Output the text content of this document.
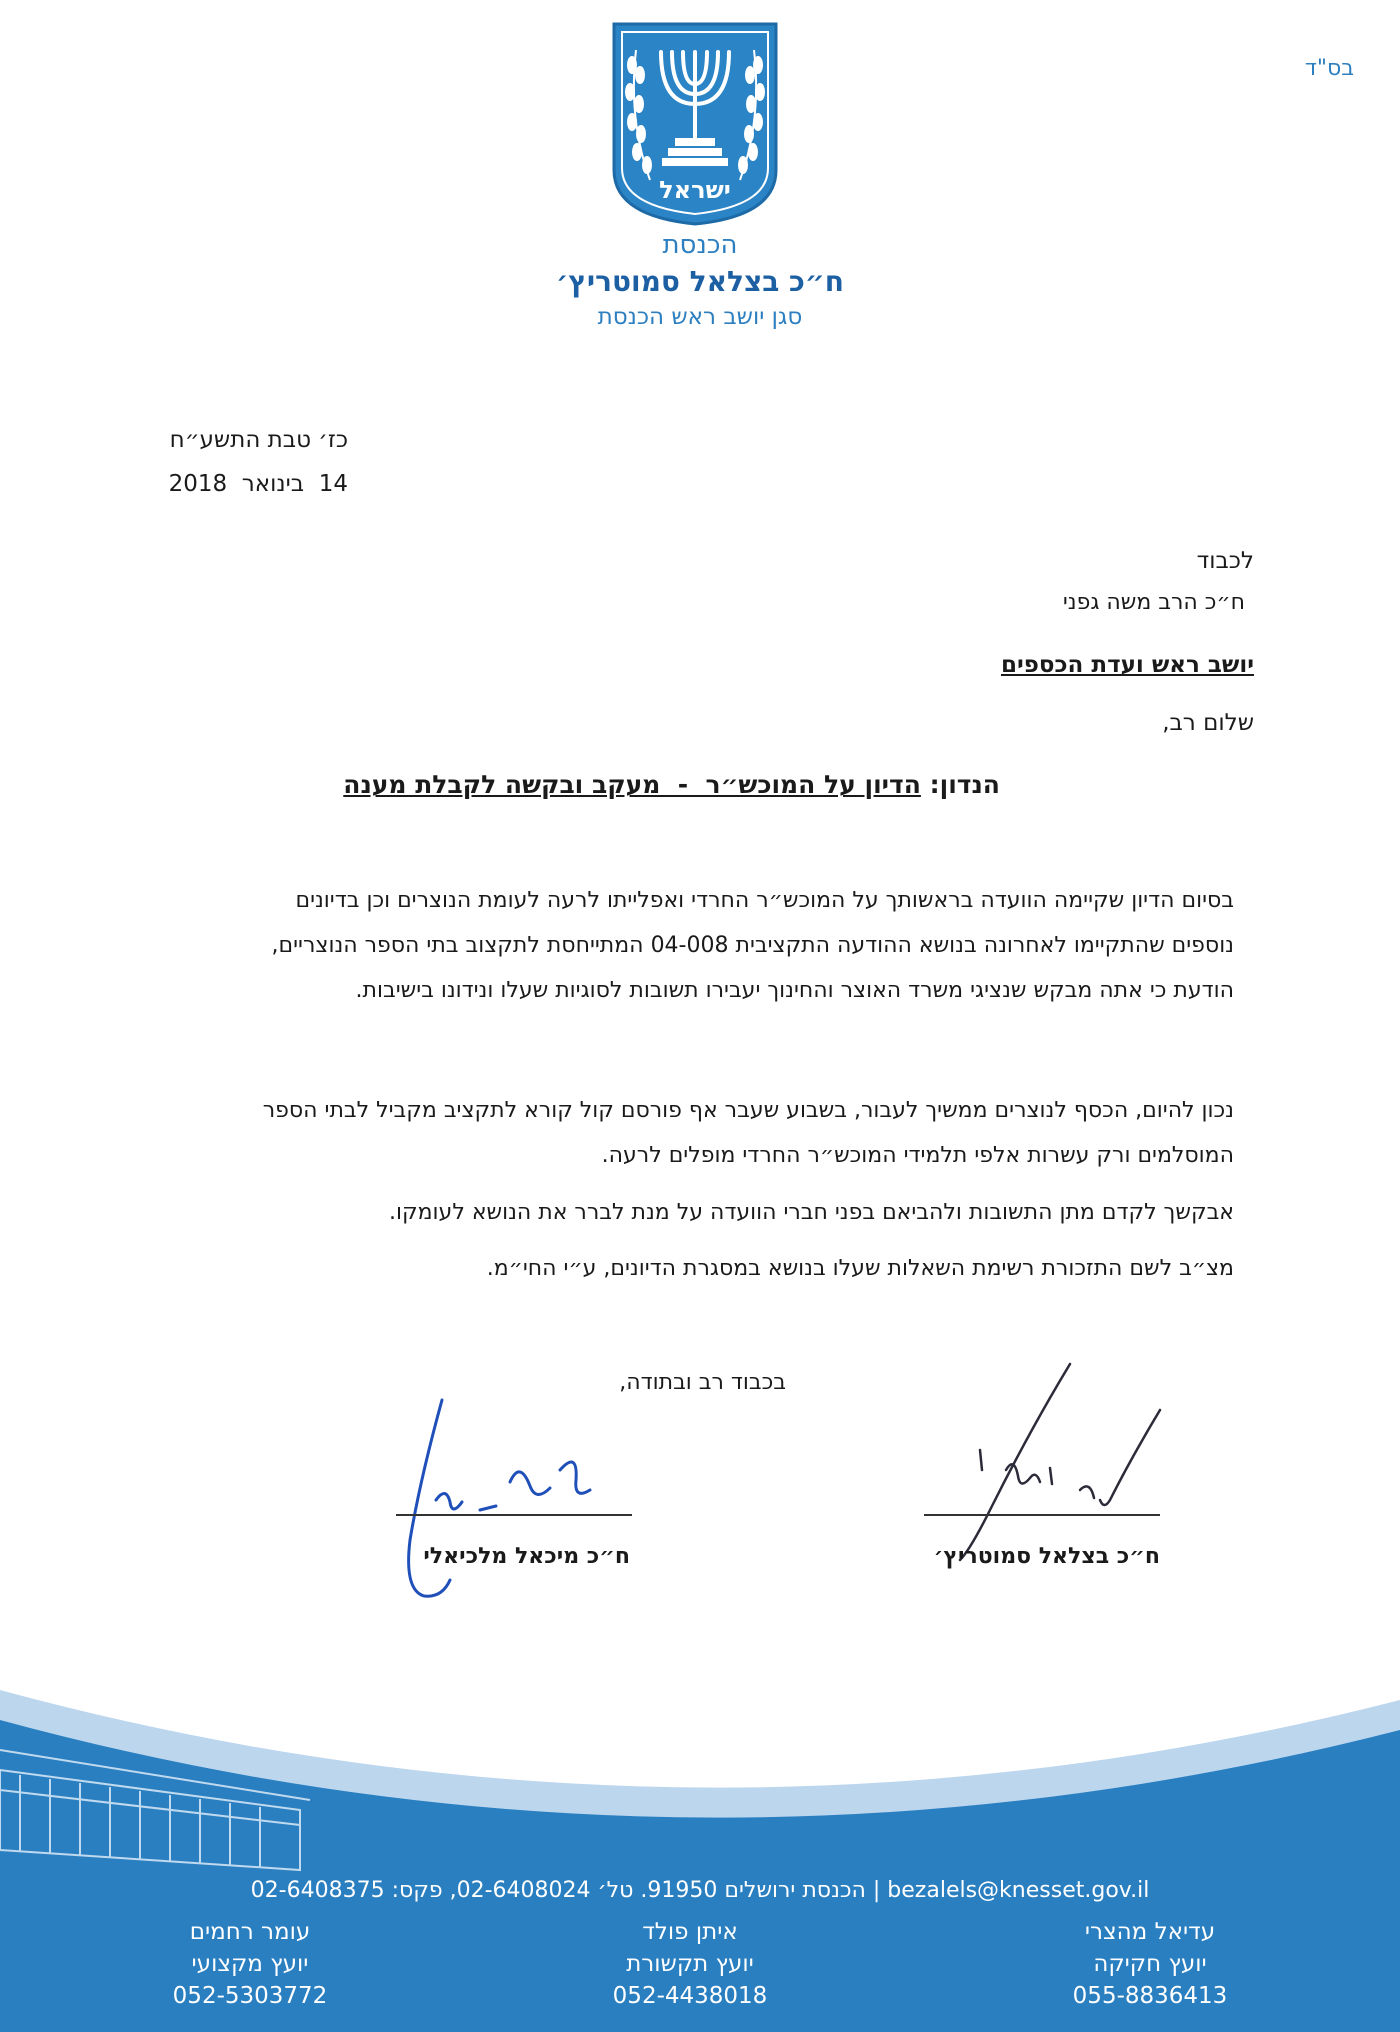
בס"ד
ישראל
הכנסת
ח״כ בצלאל סמוטריץ׳
סגן יושב ראש הכנסת
כז׳ טבת התשע״ח
14  בינואר  2018
לכבוד
ח״כ הרב משה גפני
יושב ראש ועדת הכספים
שלום רב,
הנדון: הדיון על המוכש״ר  -  מעקב ובקשה לקבלת מענה
בסיום הדיון שקיימה הוועדה בראשותך על המוכש״ר החרדי ואפלייתו לרעה לעומת הנוצרים וכן בדיונים
נוספים שהתקיימו לאחרונה בנושא ההודעה התקציבית 04-008 המתייחסת לתקצוב בתי הספר הנוצריים,
הודעת כי אתה מבקש שנציגי משרד האוצר והחינוך יעבירו תשובות לסוגיות שעלו ונידונו בישיבות.
נכון להיום, הכסף לנוצרים ממשיך לעבור, בשבוע שעבר אף פורסם קול קורא לתקציב מקביל לבתי הספר
המוסלמים ורק עשרות אלפי תלמידי המוכש״ר החרדי מופלים לרעה.
אבקשך לקדם מתן התשובות ולהביאם בפני חברי הוועדה על מנת לברר את הנושא לעומקו.
מצ״ב לשם התזכורת רשימת השאלות שעלו בנושא במסגרת הדיונים, ע״י החי״מ.
בכבוד רב ובתודה,
ח״כ בצלאל סמוטריץ׳
ח״כ מיכאל מלכיאלי
הכנסת ירושלים 91950. טל׳ 02-6408024, פקס: 02-6408375 | bezalels@knesset.gov.il
עדיאל מהצרי
יועץ חקיקה
055-8836413
איתן פולד
יועץ תקשורת
052-4438018
עומר רחמים
יועץ מקצועי
052-5303772
